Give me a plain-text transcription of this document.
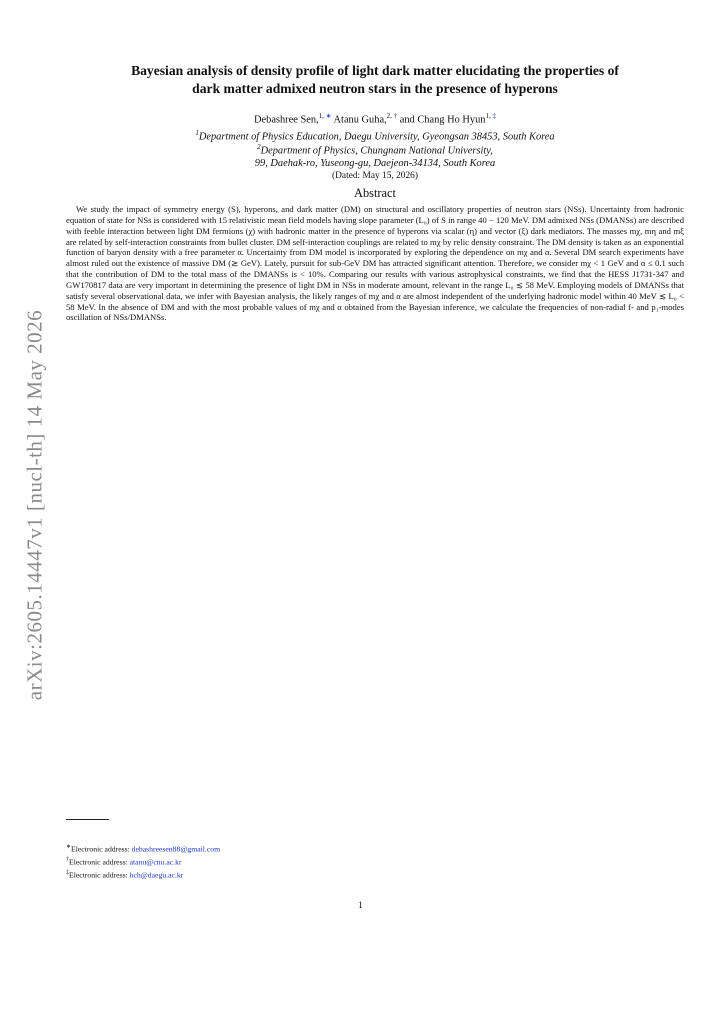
arXiv:2605.14447v1 [nucl-th] 14 May 2026
Bayesian analysis of density profile of light dark matter elucidating the properties of
dark matter admixed neutron stars in the presence of hyperons
Debashree Sen,$^{1, ∗}$ Atanu Guha,$^{2, \dagger}$ and Chang Ho Hyun$^{1, \ddagger}$
$^1$Department of Physics Education, Daegu University, Gyeongsan 38453, South Korea
$^2$Department of Physics, Chungnam National University,
99, Daehak-ro, Yuseong-gu, Daejeon-34134, South Korea
(Dated: May 15, 2026)
Abstract
We study the impact of symmetry energy (S), hyperons, and dark matter (DM) on structural and oscillatory properties of neutron stars (NSs). Uncertainty from hadronic equation of state for NSs is considered with 15 relativistic mean field models having slope parameter (L₀) of S in range 40 − 120 MeV. DM admixed NSs (DMANSs) are described with feeble interaction between light DM fermions (χ) with hadronic matter in the presence of hyperons via scalar (η) and vector (ξ) dark mediators. The masses mχ, mη and mξ are related by self-interaction constraints from bullet cluster. DM self-interaction couplings are related to mχ by relic density constraint. The DM density is taken as an exponential function of baryon density with a free parameter α. Uncertainty from DM model is incorporated by exploring the dependence on mχ and α. Several DM search experiments have almost ruled out the existence of massive DM (≳ GeV). Lately, pursuit for sub-GeV DM has attracted significant attention. Therefore, we consider mχ < 1 GeV and α ≤ 0.1 such that the contribution of DM to the total mass of the DMANSs is < 10%. Comparing our results with various astrophysical constraints, we find that the HESS J1731-347 and GW170817 data are very important in determining the presence of light DM in NSs in moderate amount, relevant in the range L₀ ≲ 58 MeV. Employing models of DMANSs that satisfy several observational data, we infer with Bayesian analysis, the likely ranges of mχ and α are almost independent of the underlying hadronic model within 40 MeV ≲ L₀ < 58 MeV. In the absence of DM and with the most probable values of mχ and α obtained from the Bayesian inference, we calculate the frequencies of non-radial f- and p₁-modes oscillation of NSs/DMANSs.
∗Electronic address: debashreesen88@gmail.com
†Electronic address: atanu@cnu.ac.kr
‡Electronic address: hch@daegu.ac.kr
1
